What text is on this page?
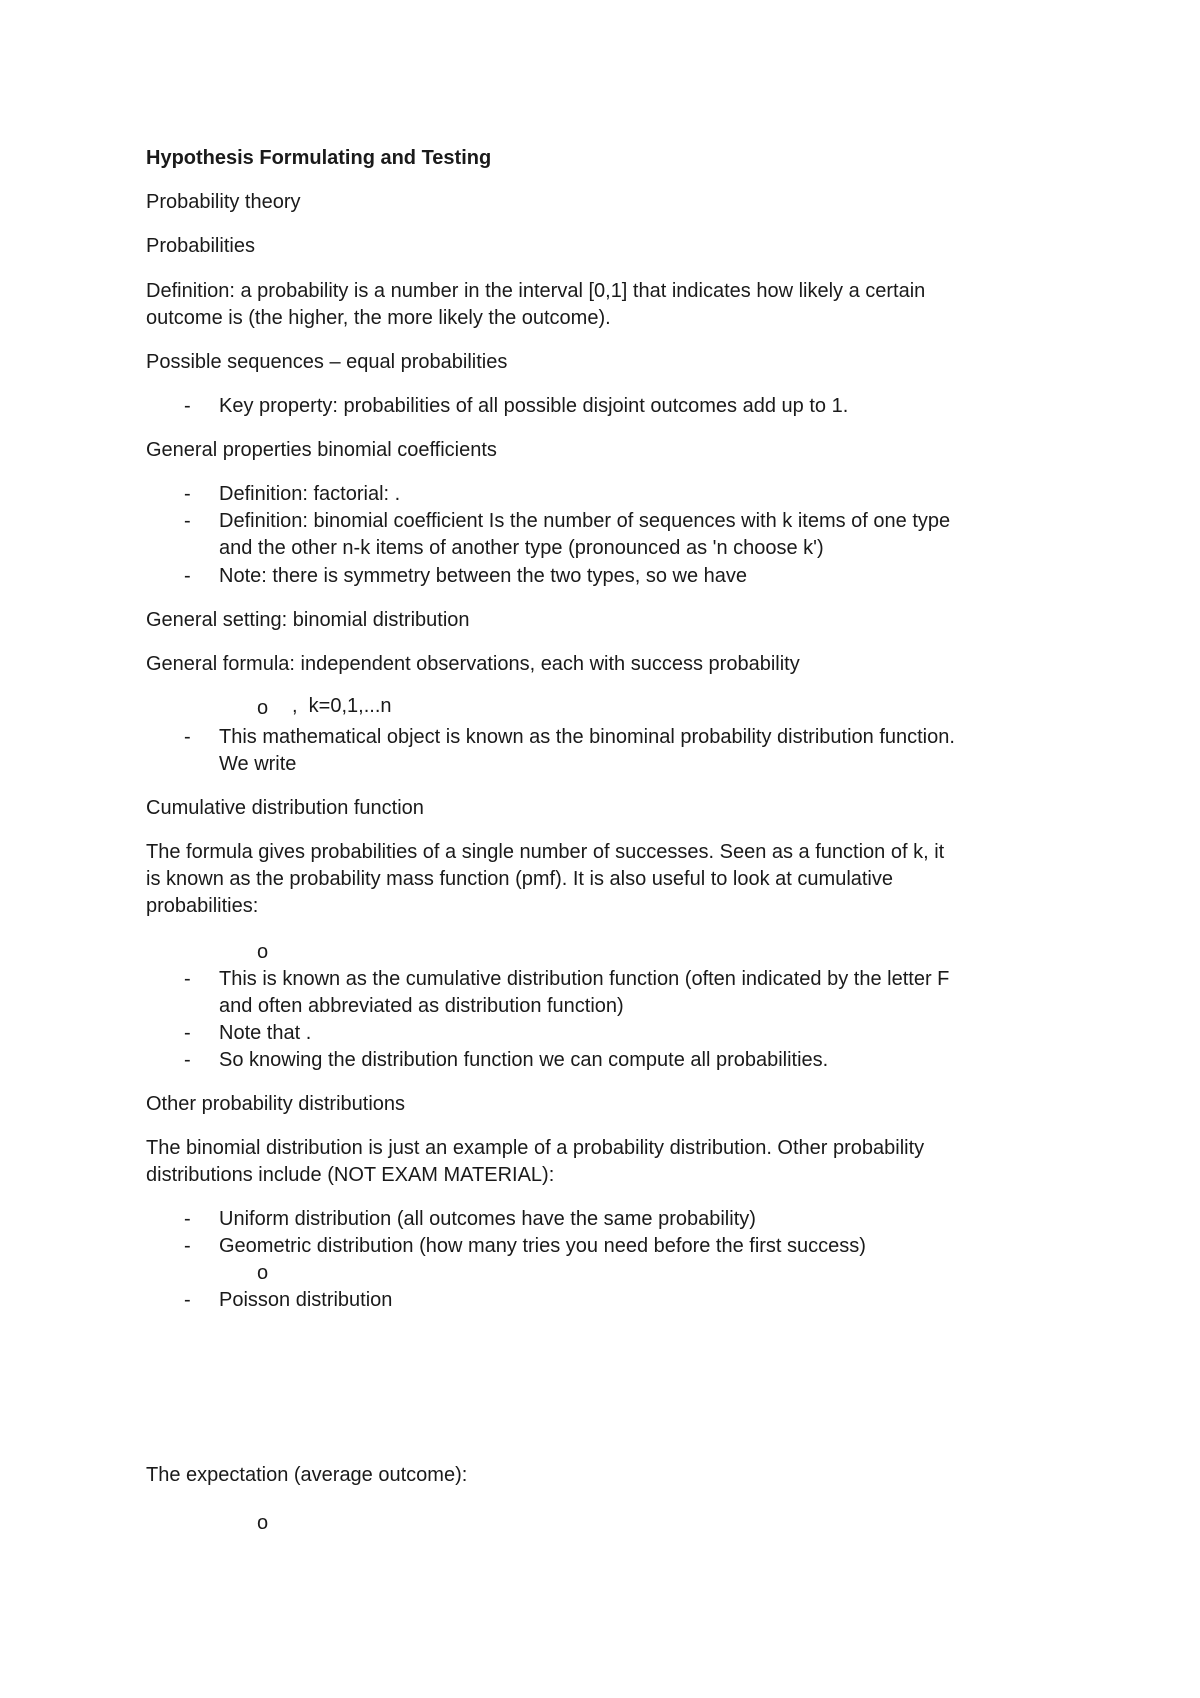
Hypothesis Formulating and Testing
Probability theory
Probabilities
Definition: a probability is a number in the interval [0,1] that indicates how likely a certain
outcome is (the higher, the more likely the outcome).
Possible sequences – equal probabilities
-	Key property: probabilities of all possible disjoint outcomes add up to 1.
General properties binomial coefficients
-	Definition: factorial: .
-	Definition: binomial coefficient Is the number of sequences with k items of one type
and the other n-k items of another type (pronounced as 'n choose k')
-	Note: there is symmetry between the two types, so we have
General setting: binomial distribution
General formula: independent observations, each with success probability
o ,  k=0,1,...n
-	This mathematical object is known as the binominal probability distribution function.
We write
Cumulative distribution function
The formula gives probabilities of a single number of successes. Seen as a function of k, it
is known as the probability mass function (pmf). It is also useful to look at cumulative
probabilities:
o
-	This is known as the cumulative distribution function (often indicated by the letter F
and often abbreviated as distribution function)
-	Note that .
-	So knowing the distribution function we can compute all probabilities.
Other probability distributions
The binomial distribution is just an example of a probability distribution. Other probability
distributions include (NOT EXAM MATERIAL):
-	Uniform distribution (all outcomes have the same probability)
-	Geometric distribution (how many tries you need before the first success)
o
-	Poisson distribution
The expectation (average outcome):
o
